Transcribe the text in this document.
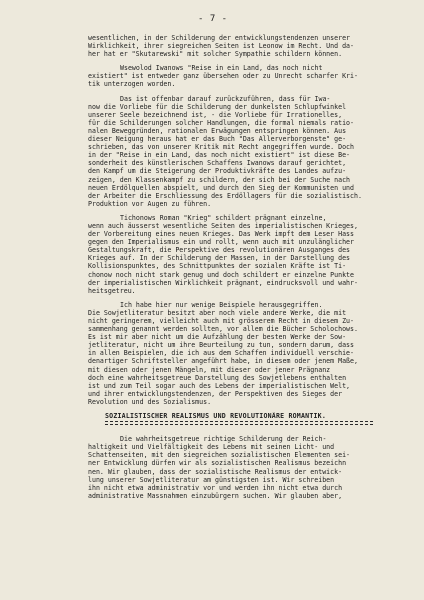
- 7 -
wesentlichen, in der Schilderung der entwicklungstendenzen unserer
Wirklichkeit, ihrer siegreichen Seiten ist Leonow im Recht. Und da-
her hat er "Skutarewski" mit solcher Sympathie schildern können.
Wsewolod Iwanows "Reise in ein Land, das noch nicht
existiert" ist entweder ganz übersehen oder zu Unrecht scharfer Kri-
tik unterzogen worden.
Das ist offenbar darauf zurückzuführen, dass für Iwa-
now die Vorliebe für die Schilderung der dunkelsten Schlupfwinkel
unserer Seele bezeichnend ist, - die Vorliebe für Irrationelles,
für die Schilderungen solcher Handlungen, die formal niemals ratio-
nalen Beweggründen, rationalen Erwägungen entspringen können. Aus
dieser Neigung heraus hat er das Buch "Das Allerverborgenste" ge-
schrieben, das von unserer Kritik mit Recht angegriffen wurde. Doch
in der "Reise in ein Land, das noch nicht existiert" ist diese Be-
sonderheit des künstlerischen Schaffens Iwanows darauf gerichtet,
den Kampf um die Steigerung der Produktivkräfte des Landes aufzu-
zeigen, den Klassenkampf zu schildern, der sich bei der Suche nach
neuen Erdölquellen abspielt, und durch den Sieg der Kommunisten und
der Arbeiter die Erschliessung des Erdöllagers für die sozialistisch.
Produktion vor Augen zu führen.
Tichonows Roman "Krieg" schildert prägnant einzelne,
wenn auch äusserst wesentliche Seiten des imperialistischen Krieges,
der Vorbereitung eines neuen Krieges. Das Werk impft dem Leser Hass
gegen den Imperialismus ein und rollt, wenn auch mit unzulänglicher
Gestaltungskraft, die Perspektive des revolutionären Ausganges des
Krieges auf. In der Schilderung der Massen, in der Darstellung des
Kollisionspunktes, des Schnittpunktes der sozialen Kräfte ist Ti-
chonow noch nicht stark genug und doch schildert er einzelne Punkte
der imperialistischen Wirklichkeit prägnant, eindrucksvoll und wahr-
heitsgetreu.
Ich habe hier nur wenige Beispiele herausgegriffen.
Die Sowjetliteratur besitzt aber noch viele andere Werke, die mit
nicht geringerem, vielleicht auch mit grösserem Recht in diesem Zu-
sammenhang genannt werden sollten, vor allem die Bücher Scholochows.
Es ist mir aber nicht um die Aufzählung der besten Werke der Sow-
jetliteratur, nicht um ihre Beurteilung zu tun, sondern darum, dass
in allen Beispielen, die ich aus dem Schaffen individuell verschie-
denartiger Schriftsteller angeführt habe, in diesem oder jenem Maße,
mit diesen oder jenen Mängeln, mit dieser oder jener Prägnanz
doch eine wahrheitsgetreue Darstellung des Sowjetlebens enthalten
ist und zum Teil sogar auch des Lebens der imperialistischen Welt,
und ihrer entwicklungstendenzen, der Perspektiven des Sieges der
Revolution und des Sozialismus.
SOZIALISTISCHER REALISMUS UND REVOLUTIONÄRE ROMANTIK.
Die wahrheitsgetreue richtige Schilderung der Reich-
haltigkeit und Vielfältigkeit des Lebens mit seinen Licht- und
Schattenseiten, mit den siegreichen sozialistischen Elementen sei-
ner Entwicklung dürfen wir als sozialistischen Realismus bezeichn
nen. Wir glauben, dass der sozialistische Realismus der entwick-
lung unserer Sowjetliteratur am günstigsten ist. Wir schreiben
ihn nicht etwa administrativ vor und werden ihn nicht etwa durch
administrative Massnahmen einzubürgern suchen. Wir glauben aber,
